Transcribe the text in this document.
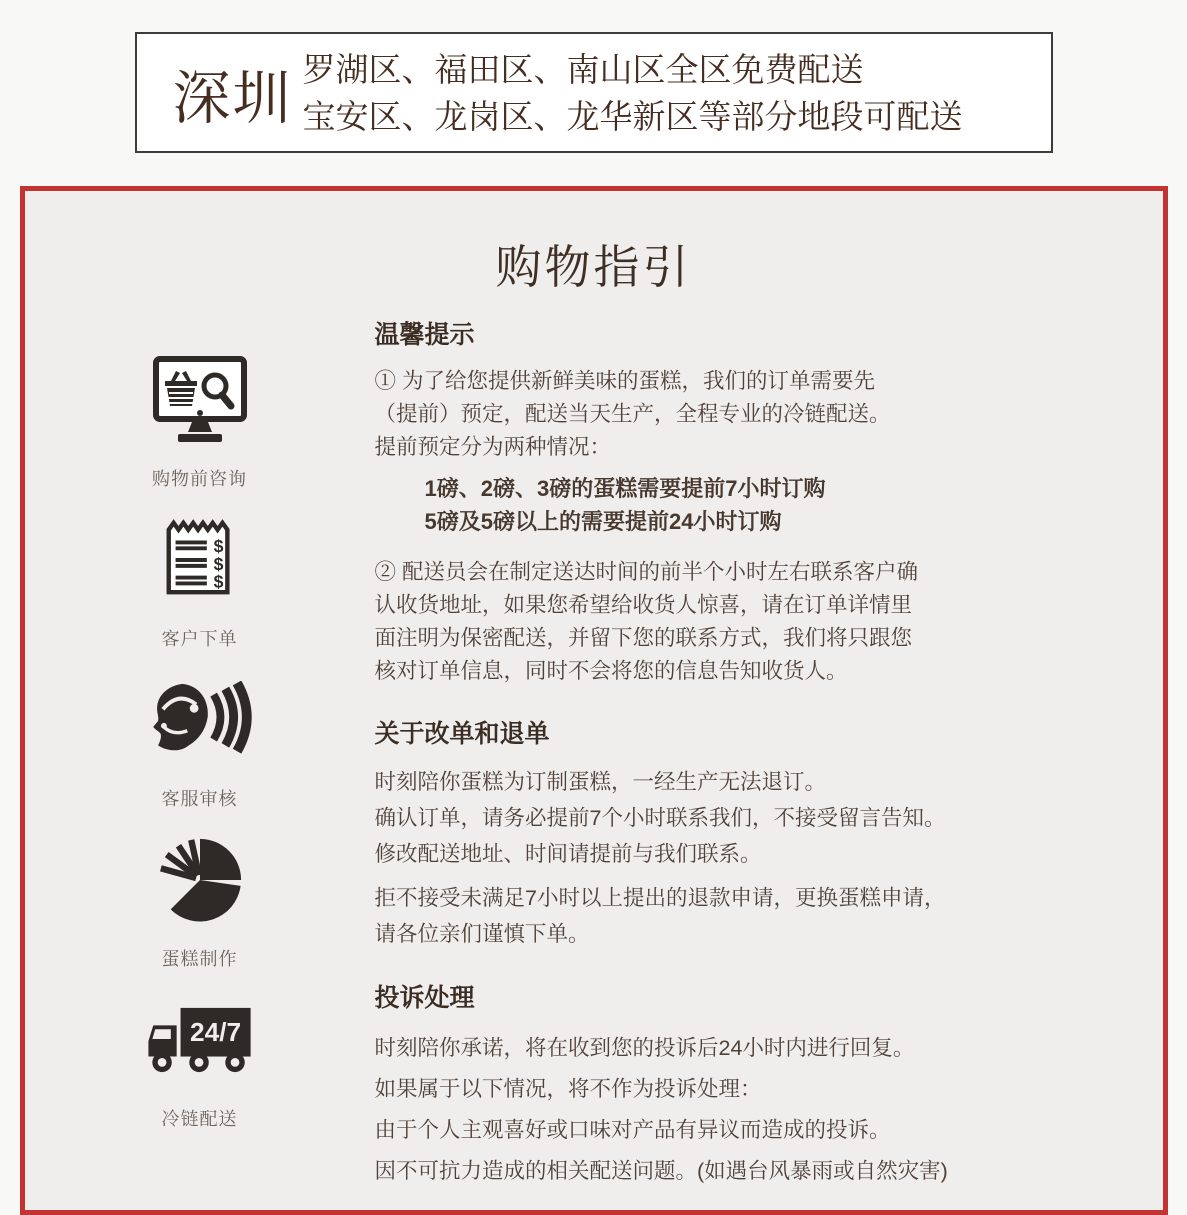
深圳 罗湖区、福田区、南山区全区免费配送
宝安区、龙岗区、龙华新区等部分地段可配送
购物指引
购物前咨询
$
$
$
客户下单
客服审核
蛋糕制作
24/7
冷链配送
温馨提示
① 为了给您提供新鲜美味的蛋糕，我们的订单需要先
（提前）预定，配送当天生产，全程专业的冷链配送。
提前预定分为两种情况：
1磅、2磅、3磅的蛋糕需要提前7小时订购
5磅及5磅以上的需要提前24小时订购
② 配送员会在制定送达时间的前半个小时左右联系客户确
认收货地址，如果您希望给收货人惊喜，请在订单详情里
面注明为保密配送，并留下您的联系方式，我们将只跟您
核对订单信息，同时不会将您的信息告知收货人。
关于改单和退单
时刻陪你蛋糕为订制蛋糕，一经生产无法退订。
确认订单，请务必提前7个小时联系我们，不接受留言告知。
修改配送地址、时间请提前与我们联系。
拒不接受未满足7小时以上提出的退款申请，更换蛋糕申请，
请各位亲们谨慎下单。
投诉处理
时刻陪你承诺，将在收到您的投诉后24小时内进行回复。
如果属于以下情况，将不作为投诉处理：
由于个人主观喜好或口味对产品有异议而造成的投诉。
因不可抗力造成的相关配送问题。(如遇台风暴雨或自然灾害)
